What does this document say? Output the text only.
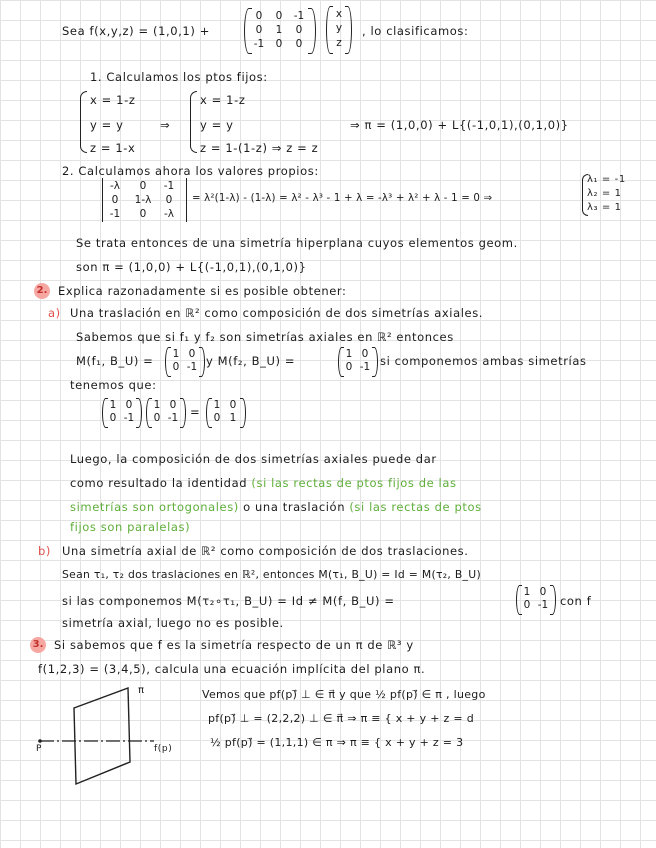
Sea f(x,y,z) = (1,0,1) +
0	0	-1
0	1	0
-1	0	0
x
y
z
, lo clasificamos:
1. Calculamos los ptos fijos:
x = 1-z
y = y
z = 1-x
⇒
x = 1-z
y = y
z = 1-(1-z) ⇒ z = z
⇒ π = (1,0,0) + L{(-1,0,1),(0,1,0)}
2. Calculamos ahora los valores propios:
-λ	0	-1
0	1-λ	0
-1	0	-λ
= λ²(1-λ) - (1-λ) = λ² - λ³ - 1 + λ = -λ³ + λ² + λ - 1 = 0 ⇒
λ₁ = -1
λ₂ = 1
λ₃ = 1
Se trata entonces de una simetría hiperplana cuyos elementos geom.
son π = (1,0,0) + L{(-1,0,1),(0,1,0)}
2. Explica razonadamente si es posible obtener:
a) Una traslación en ℝ² como composición de dos simetrías axiales.
Sabemos que si f₁ y f₂ son simetrías axiales en ℝ² entonces
M(f₁, B_U) =	1 0
0 -1 y M(f₂, B_U) =	1 0
0 -1 si componemos ambas simetrías
tenemos que:
1 0
0 -1
1 0
0 -1 =	1 0
0 1
Luego, la composición de dos simetrías axiales puede dar
como resultado la identidad (si las rectas de ptos fijos de las
simetrías son ortogonales) o una traslación (si las rectas de ptos
fijos son paralelas)
b) Una simetría axial de ℝ² como composición de dos traslaciones.
Sean τ₁, τ₂ dos traslaciones en ℝ², entonces M(τ₁, B_U) = Id = M(τ₂, B_U)
si las componemos M(τ₂∘τ₁, B_U) = Id ≠ M(f, B_U) =
1 0
0 -1 con f
simetría axial, luego no es posible.
3. Si sabemos que f es la simetría respecto de un π de ℝ³ y
f(1,2,3) = (3,4,5), calcula una ecuación implícita del plano π.
π
P	f(p)
Vemos que pf(p)⃗ ⊥ ∈ π⃗ y que ½ pf(p)⃗ ∈ π , luego
pf(p)⃗ ⊥ = (2,2,2) ⊥ ∈ π⃗ ⇒ π ≡ { x + y + z = d
½ pf(p)⃗ = (1,1,1) ∈ π ⇒ π ≡ { x + y + z = 3
